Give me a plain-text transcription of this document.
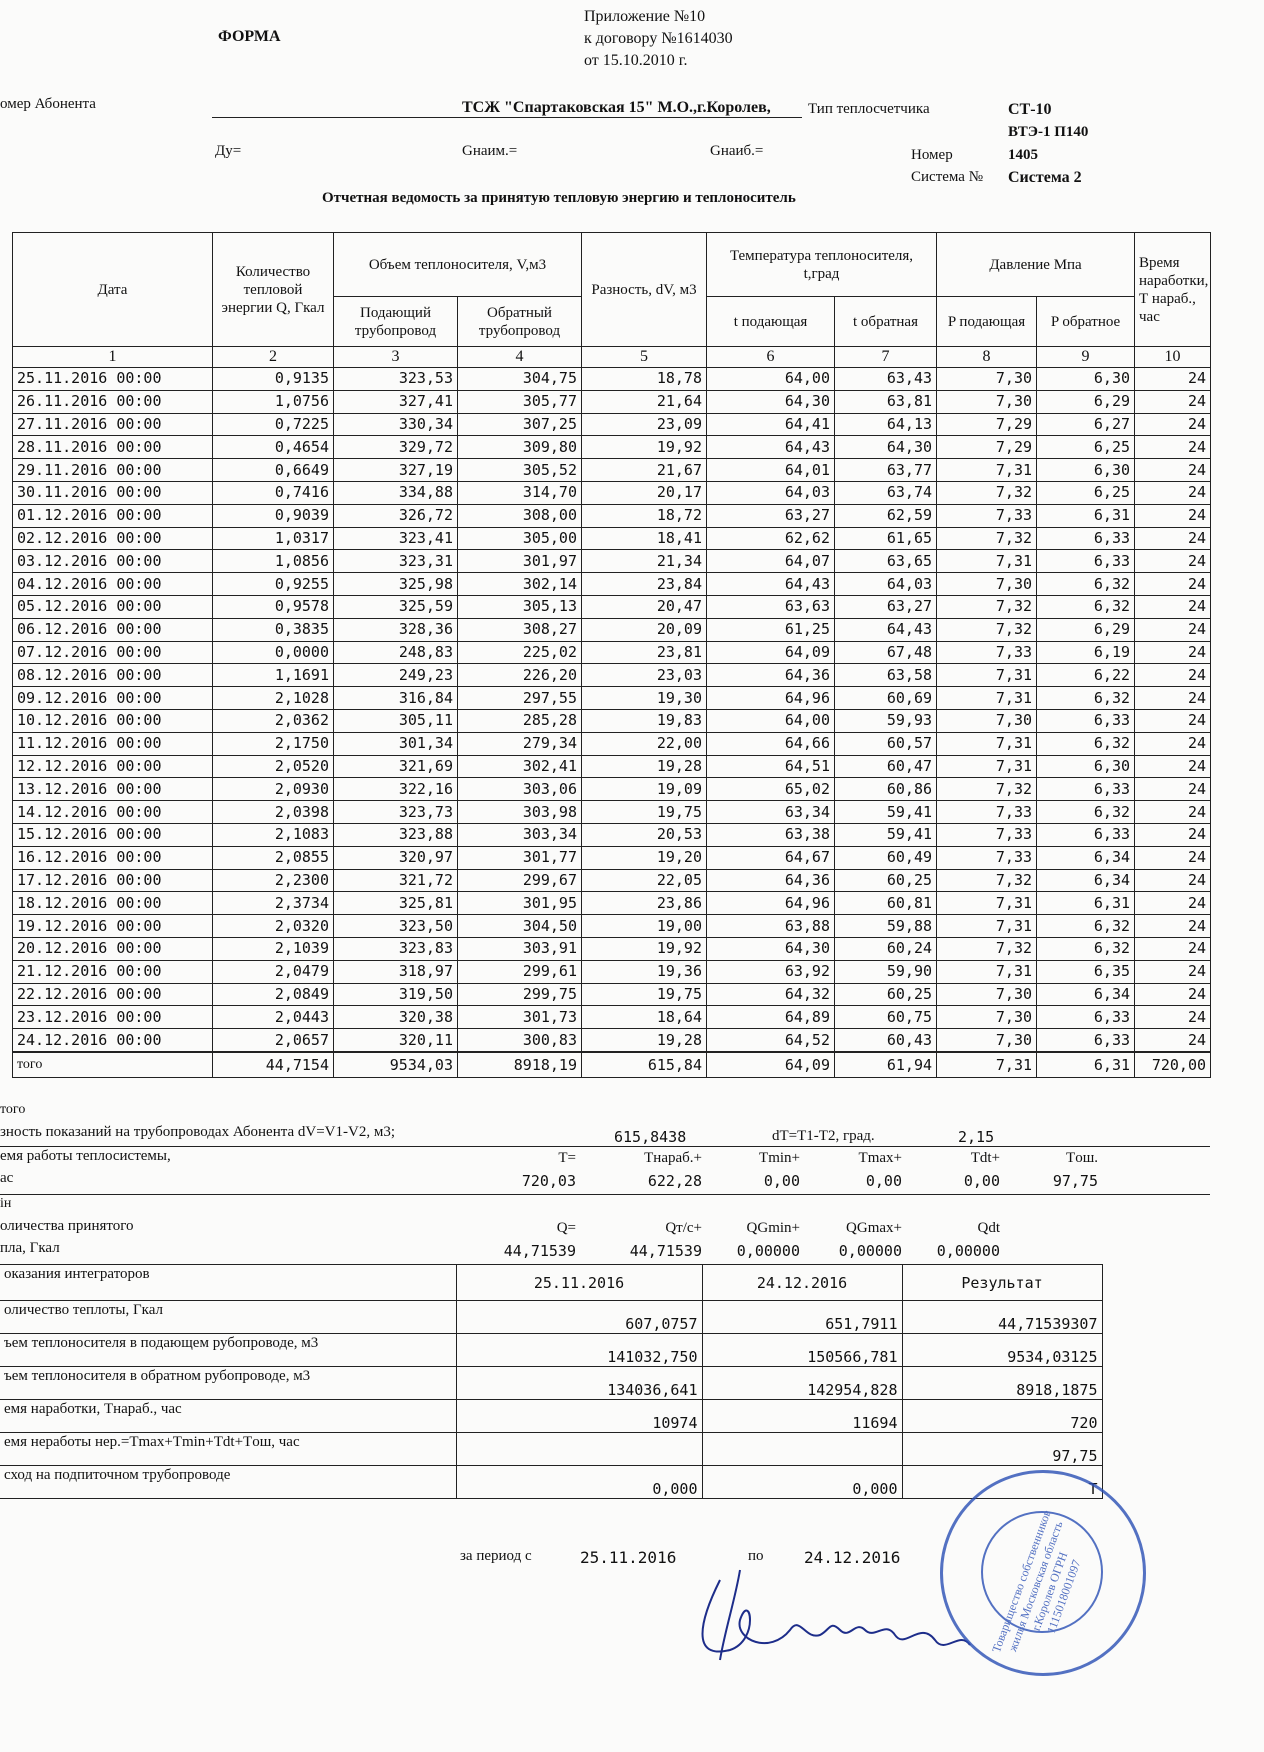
ФОРМА
Приложение №10
к договору №1614030
от 15.10.2010 г.
омер Абонента	ТСЖ "Спартаковская 15" М.О.,г.Королев, Тип теплосчетчика	СТ-10
ВТЭ-1 П140
Ду=	Gнаим.=	Gнаиб.=	Номер	1405
Система № Система 2
Отчетная ведомость за принятую тепловую энергию и теплоноситель
Дата	Количество тепловой энергии Q, Гкал	Объем теплоносителя, V,м3		Разность, dV, м3	Температура теплоносителя, t,град		Давление Мпа		Время наработки, Т нараб., час
		Подающий трубопровод	Обратный трубопровод		t подающая	t обратная	P подающая	P обратное	
1	2	3	4	5	6	7	8	9	10
25.11.2016 00:00	0,9135	323,53	304,75	18,78	64,00	63,43	7,30	6,30	24
26.11.2016 00:00	1,0756	327,41	305,77	21,64	64,30	63,81	7,30	6,29	24
27.11.2016 00:00	0,7225	330,34	307,25	23,09	64,41	64,13	7,29	6,27	24
28.11.2016 00:00	0,4654	329,72	309,80	19,92	64,43	64,30	7,29	6,25	24
29.11.2016 00:00	0,6649	327,19	305,52	21,67	64,01	63,77	7,31	6,30	24
30.11.2016 00:00	0,7416	334,88	314,70	20,17	64,03	63,74	7,32	6,25	24
01.12.2016 00:00	0,9039	326,72	308,00	18,72	63,27	62,59	7,33	6,31	24
02.12.2016 00:00	1,0317	323,41	305,00	18,41	62,62	61,65	7,32	6,33	24
03.12.2016 00:00	1,0856	323,31	301,97	21,34	64,07	63,65	7,31	6,33	24
04.12.2016 00:00	0,9255	325,98	302,14	23,84	64,43	64,03	7,30	6,32	24
05.12.2016 00:00	0,9578	325,59	305,13	20,47	63,63	63,27	7,32	6,32	24
06.12.2016 00:00	0,3835	328,36	308,27	20,09	61,25	64,43	7,32	6,29	24
07.12.2016 00:00	0,0000	248,83	225,02	23,81	64,09	67,48	7,33	6,19	24
08.12.2016 00:00	1,1691	249,23	226,20	23,03	64,36	63,58	7,31	6,22	24
09.12.2016 00:00	2,1028	316,84	297,55	19,30	64,96	60,69	7,31	6,32	24
10.12.2016 00:00	2,0362	305,11	285,28	19,83	64,00	59,93	7,30	6,33	24
11.12.2016 00:00	2,1750	301,34	279,34	22,00	64,66	60,57	7,31	6,32	24
12.12.2016 00:00	2,0520	321,69	302,41	19,28	64,51	60,47	7,31	6,30	24
13.12.2016 00:00	2,0930	322,16	303,06	19,09	65,02	60,86	7,32	6,33	24
14.12.2016 00:00	2,0398	323,73	303,98	19,75	63,34	59,41	7,33	6,32	24
15.12.2016 00:00	2,1083	323,88	303,34	20,53	63,38	59,41	7,33	6,33	24
16.12.2016 00:00	2,0855	320,97	301,77	19,20	64,67	60,49	7,33	6,34	24
17.12.2016 00:00	2,2300	321,72	299,67	22,05	64,36	60,25	7,32	6,34	24
18.12.2016 00:00	2,3734	325,81	301,95	23,86	64,96	60,81	7,31	6,31	24
19.12.2016 00:00	2,0320	323,50	304,50	19,00	63,88	59,88	7,31	6,32	24
20.12.2016 00:00	2,1039	323,83	303,91	19,92	64,30	60,24	7,32	6,32	24
21.12.2016 00:00	2,0479	318,97	299,61	19,36	63,92	59,90	7,31	6,35	24
22.12.2016 00:00	2,0849	319,50	299,75	19,75	64,32	60,25	7,30	6,34	24
23.12.2016 00:00	2,0443	320,38	301,73	18,64	64,89	60,75	7,30	6,33	24
24.12.2016 00:00	2,0657	320,11	300,83	19,28	64,52	60,43	7,30	6,33	24
того	44,7154	9534,03	8918,19	615,84	64,09	61,94	7,31	6,31	720,00
того
зность показаний на трубопроводах Абонента dV=V1-V2, м3;	615,8438	dT=T1-T2, град.	2,15
емя работы теплосистемы,
ас
T=	Tнараб.+	Tmin+	Tmax+	Tdt+	Tош.
720,03	622,28	0,00	0,00	0,00	97,75
ін
оличества принятого
пла, Гкал
Q=	Qт/с+	QGmin+	QGmax+	Qdt
44,71539	44,71539	0,00000	0,00000	0,00000
оказания интеграторов	25.11.2016	24.12.2016	Результат
оличество теплоты, Гкал	607,0757	651,7911	44,71539307
ъем теплоносителя в подающем рубопроводе, м3	141032,750	150566,781	9534,03125
ъем теплоносителя в обратном рубопроводе, м3	134036,641	142954,828	8918,1875
емя наработки, Tнараб., час	10974	11694	720
емя неработы нер.=Tmax+Tmin+Tdt+Tош, час			97,75
сход на подпиточном трубопроводе	0,000	0,000	Т
за период с	25.11.2016	по	24.12.2016	Товарищество собственников жилья Московская область г.Королев ОГРН 1115018001097
